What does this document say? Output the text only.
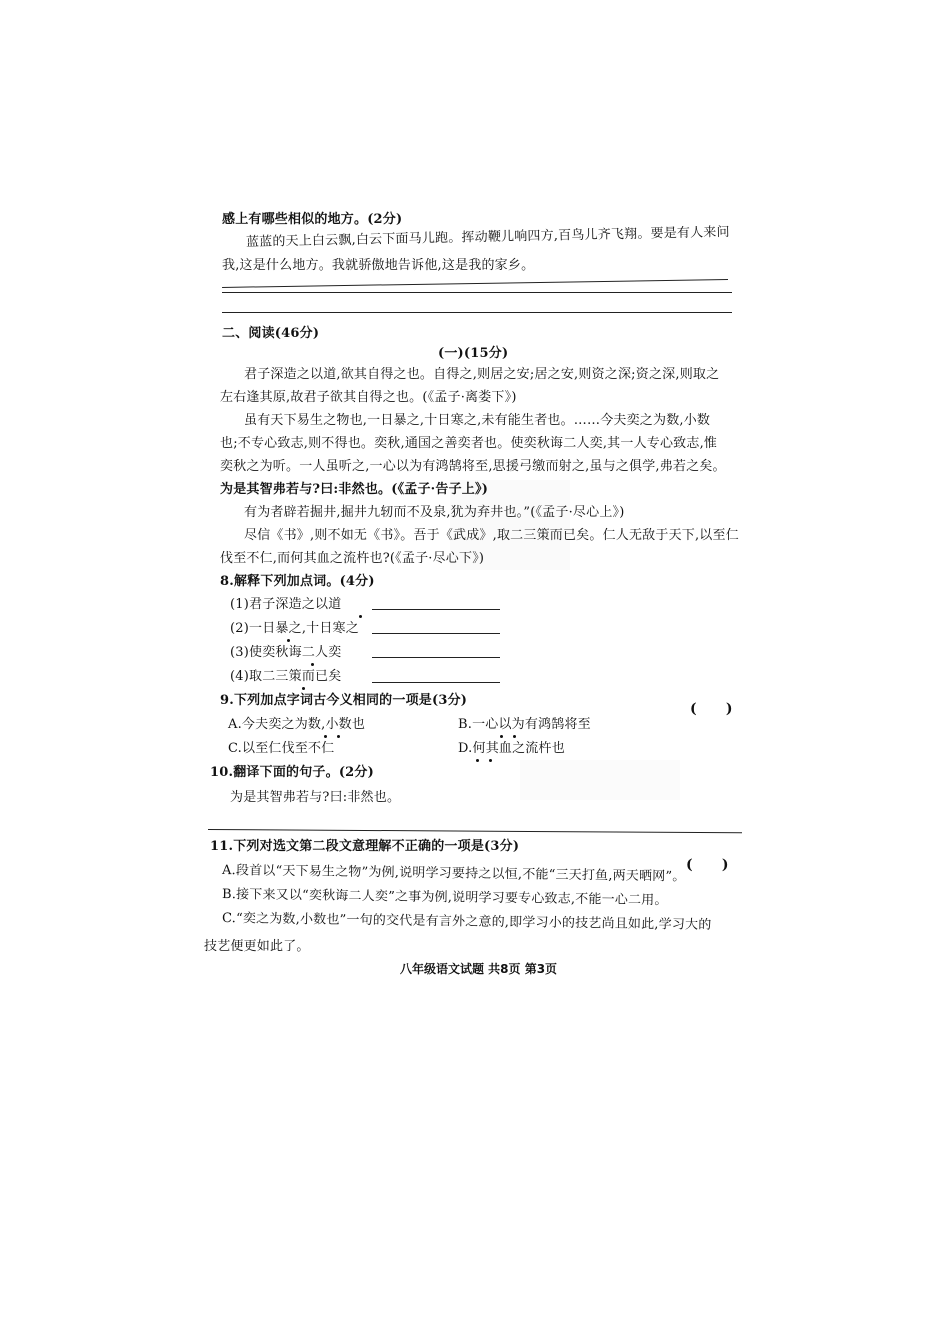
感上有哪些相似的地方。(2分)
蓝蓝的天上白云飘,白云下面马儿跑。挥动鞭儿响四方,百鸟儿齐飞翔。要是有人来问
我,这是什么地方。我就骄傲地告诉他,这是我的家乡。
二、阅读(46分)
(一)(15分)
君子深造之以道,欲其自得之也。自得之,则居之安;居之安,则资之深;资之深,则取之
左右逢其原,故君子欲其自得之也。(《孟子·离娄下》)
虽有天下易生之物也,一日暴之,十日寒之,未有能生者也。……今夫奕之为数,小数
也;不专心致志,则不得也。奕秋,通国之善奕者也。使奕秋诲二人奕,其一人专心致志,惟
奕秋之为听。一人虽听之,一心以为有鸿鹄将至,思援弓缴而射之,虽与之俱学,弗若之矣。
为是其智弗若与?曰:非然也。(《孟子·告子上》)
有为者辟若掘井,掘井九轫而不及泉,犹为弃井也。”(《孟子·尽心上》)
尽信《书》,则不如无《书》。吾于《武成》,取二三策而已矣。仁人无敌于天下,以至仁
伐至不仁,而何其血之流杵也?(《孟子·尽心下》)
8.解释下列加点词。(4分)
(1)君子深造之以道
(2)一日暴之,十日寒之
(3)使奕秋诲二人奕
(4)取二三策而已矣
9.下列加点字词古今义相同的一项是(3分)
(      )
A.今夫奕之为数,小数也	B.一心以为有鸿鹄将至
C.以至仁伐至不仁	D.何其血之流杵也
10.翻译下面的句子。(2分)
为是其智弗若与?曰:非然也。
11.下列对选文第二段文意理解不正确的一项是(3分)
(      )
A.段首以“天下易生之物”为例,说明学习要持之以恒,不能“三天打鱼,两天晒网”。
B.接下来又以“奕秋诲二人奕”之事为例,说明学习要专心致志,不能一心二用。
C.“奕之为数,小数也”一句的交代是有言外之意的,即学习小的技艺尚且如此,学习大的
技艺便更如此了。
八年级语文试题 共8页 第3页
